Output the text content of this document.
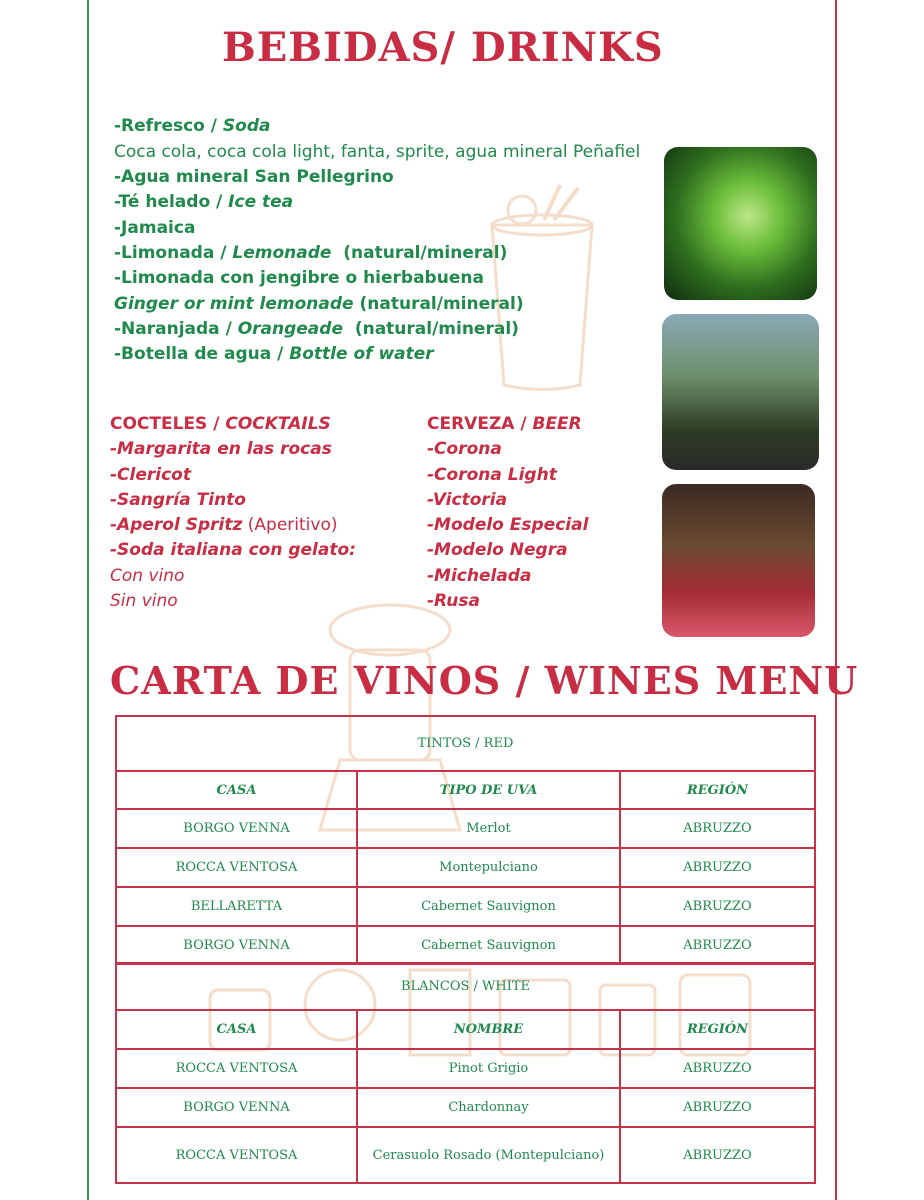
BEBIDAS/ DRINKS
-Refresco / Soda
Coca cola, coca cola light, fanta, sprite, agua mineral Peñafiel
-Agua mineral San Pellegrino
-Té helado / Ice tea
-Jamaica
-Limonada / Lemonade  (natural/mineral)
-Limonada con jengibre o hierbabuena
Ginger or mint lemonade (natural/mineral)
-Naranjada / Orangeade  (natural/mineral)
-Botella de agua / Bottle of water
COCTELES / COCKTAILS
-Margarita en las rocas
-Clericot
-Sangría Tinto
-Aperol Spritz (Aperitivo)
-Soda italiana con gelato:
Con vino
Sin vino
CERVEZA / BEER
-Corona
-Corona Light
-Victoria
-Modelo Especial
-Modelo Negra
-Michelada
-Rusa
CARTA DE VINOS / WINES MENU
TINTOS / RED		
CASA	TIPO DE UVA	REGIÓN
BORGO VENNA	Merlot	ABRUZZO
ROCCA VENTOSA	Montepulciano	ABRUZZO
BELLARETTA	Cabernet Sauvignon	ABRUZZO
BORGO VENNA	Cabernet Sauvignon	ABRUZZO
BLANCOS / WHITE		
CASA	NOMBRE	REGIÓN
ROCCA VENTOSA	Pinot Grigio	ABRUZZO
BORGO VENNA	Chardonnay	ABRUZZO
ROCCA VENTOSA	Cerasuolo Rosado (Montepulciano)	ABRUZZO
